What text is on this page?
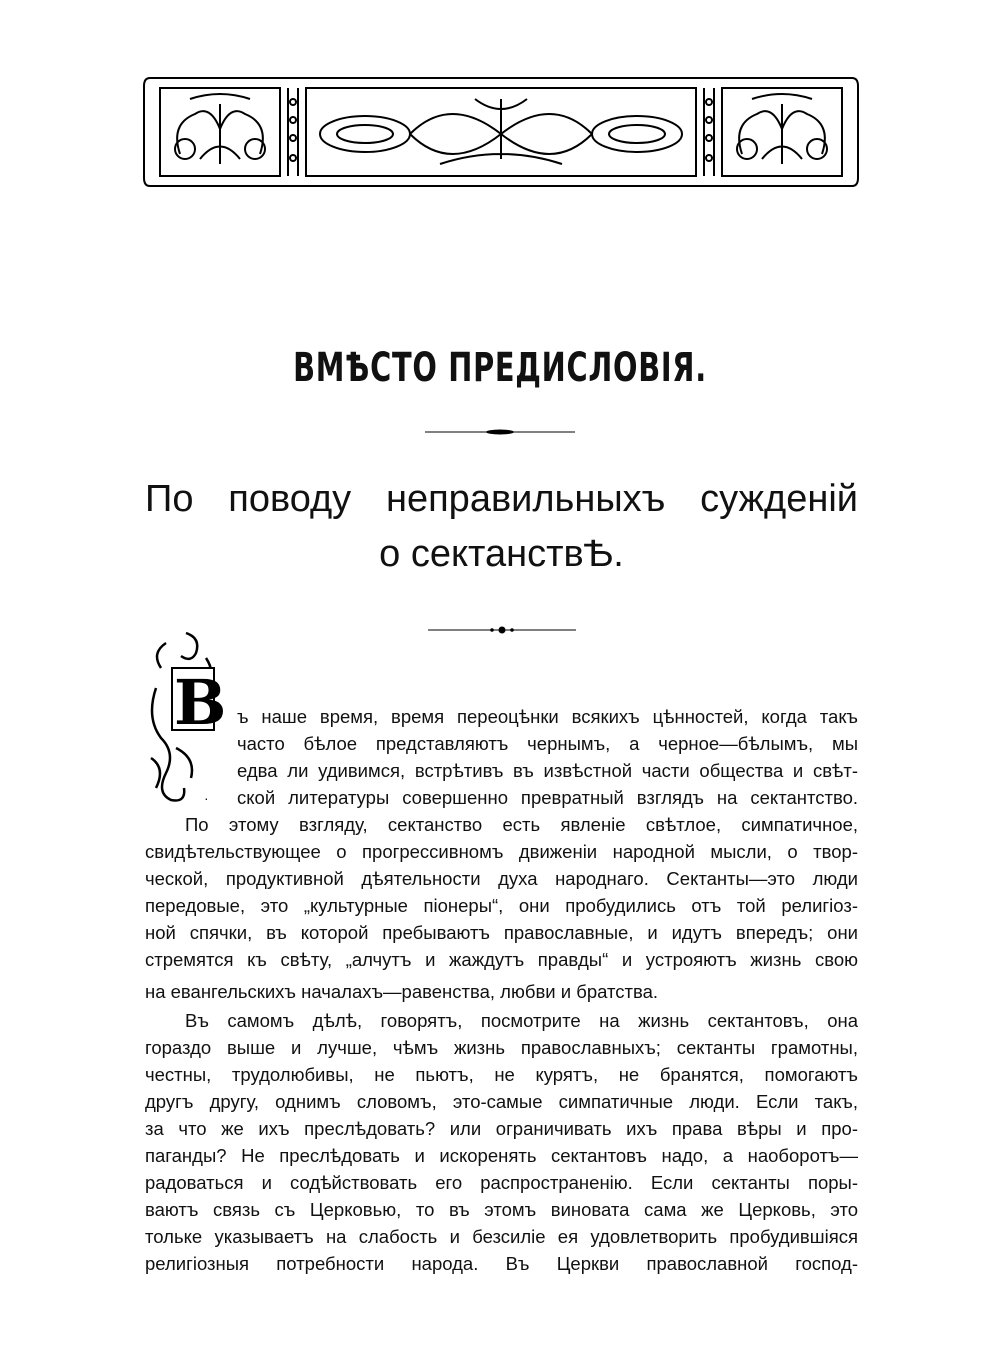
ВМѢСТО ПРЕДИСЛОВІЯ.
По поводу неправильныхъ сужденій
о сектанствѢ.
В
·
ъ наше время, время переоцѣнки всякихъ цѣнностей, когда такъ
часто бѣлое представляютъ чернымъ, а черное—бѣлымъ, мы
едва ли удивимся, встрѣтивъ въ извѣстной части общества и свѣт-
ской литературы совершенно превратный взглядъ на сектантство.
По этому взгляду, сектанство есть явленіе свѣтлое, симпатичное,
свидѣтельствующее о прогрессивномъ движеніи народной мысли, о твор-
ческой, продуктивной дѣятельности духа народнаго. Сектанты—это люди
передовые, это „культурные піонеры“, они пробудились отъ той религіоз-
ной спячки, въ которой пребываютъ православные, и идутъ впередъ; они
стремятся къ свѣту, „алчутъ и жаждутъ правды“ и устрояютъ жизнь свою
на евангельскихъ началахъ—равенства, любви и братства.
Въ самомъ дѣлѣ, говорятъ, посмотрите на жизнь сектантовъ, она
гораздо выше и лучше, чѣмъ жизнь православныхъ; сектанты грамотны,
честны, трудолюбивы, не пьютъ, не курятъ, не бранятся, помогаютъ
другъ другу, однимъ словомъ, это-самые симпатичные люди. Если такъ,
за что же ихъ преслѣдовать? или ограничивать ихъ права вѣры и про-
паганды? Не преслѣдовать и искоренять сектантовъ надо, а наоборотъ—
радоваться и содѣйствовать его распространенію. Если сектанты поры-
ваютъ связь съ Церковью, то въ этомъ виновата сама же Церковь, это
тольке указываетъ на слабость и безсиліе ея удовлетворить пробудившіяся
религіозныя потребности народа. Въ Церкви православной господ-
